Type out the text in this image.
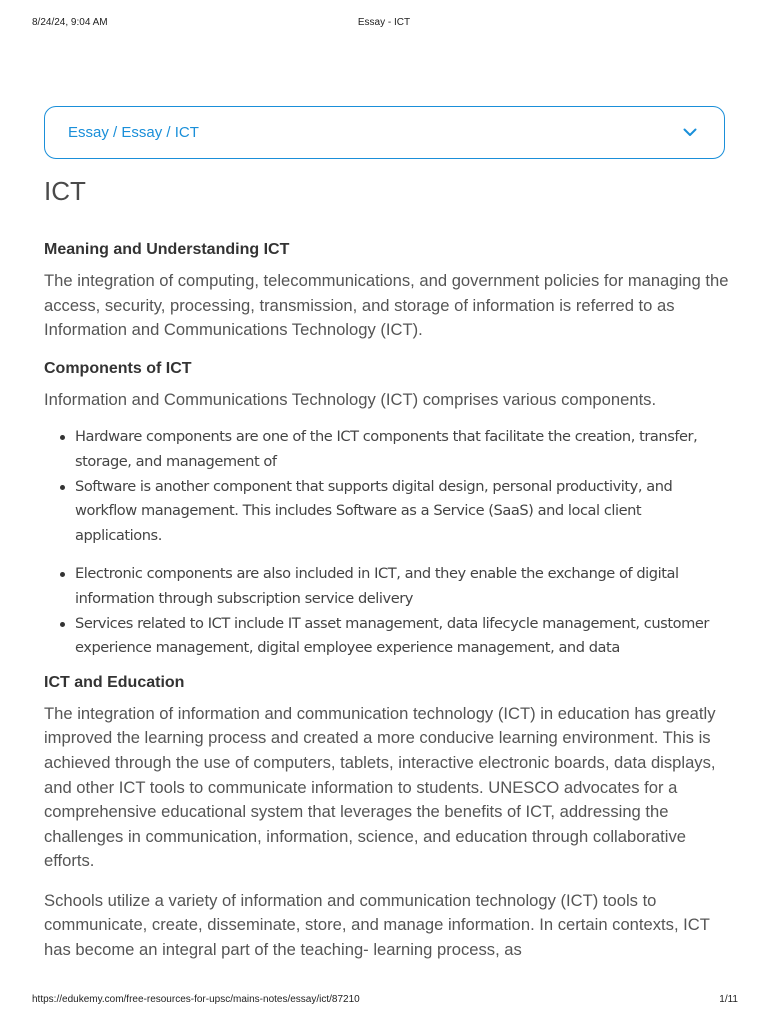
8/24/24, 9:04 AM	Essay - ICT
Essay / Essay / ICT
ICT
Meaning and Understanding ICT

The integration of computing, telecommunications, and government policies for managing the access, security, processing, transmission, and storage of information is referred to as Information and Communications Technology (ICT).

Components of ICT

Information and Communications Technology (ICT) comprises various components.

Hardware components are one of the ICT components that facilitate the creation, transfer, storage, and management of
Software is another component that supports digital design, personal productivity, and workflow management. This includes Software as a Service (SaaS) and local client applications.
Electronic components are also included in ICT, and they enable the exchange of digital information through subscription service delivery
Services related to ICT include IT asset management, data lifecycle management, customer experience management, digital employee experience management, and data
ICT and Education

The integration of information and communication technology (ICT) in education has greatly improved the learning process and created a more conducive learning environment. This is achieved through the use of computers, tablets, interactive electronic boards, data displays, and other ICT tools to communicate information to students. UNESCO advocates for a comprehensive educational system that leverages the benefits of ICT, addressing the challenges in communication, information, science, and education through collaborative efforts.

Schools utilize a variety of information and communication technology (ICT) tools to communicate, create, disseminate, store, and manage information. In certain contexts, ICT has become an integral part of the teaching- learning process, as

https://edukemy.com/free-resources-for-upsc/mains-notes/essay/ict/87210	1/11
